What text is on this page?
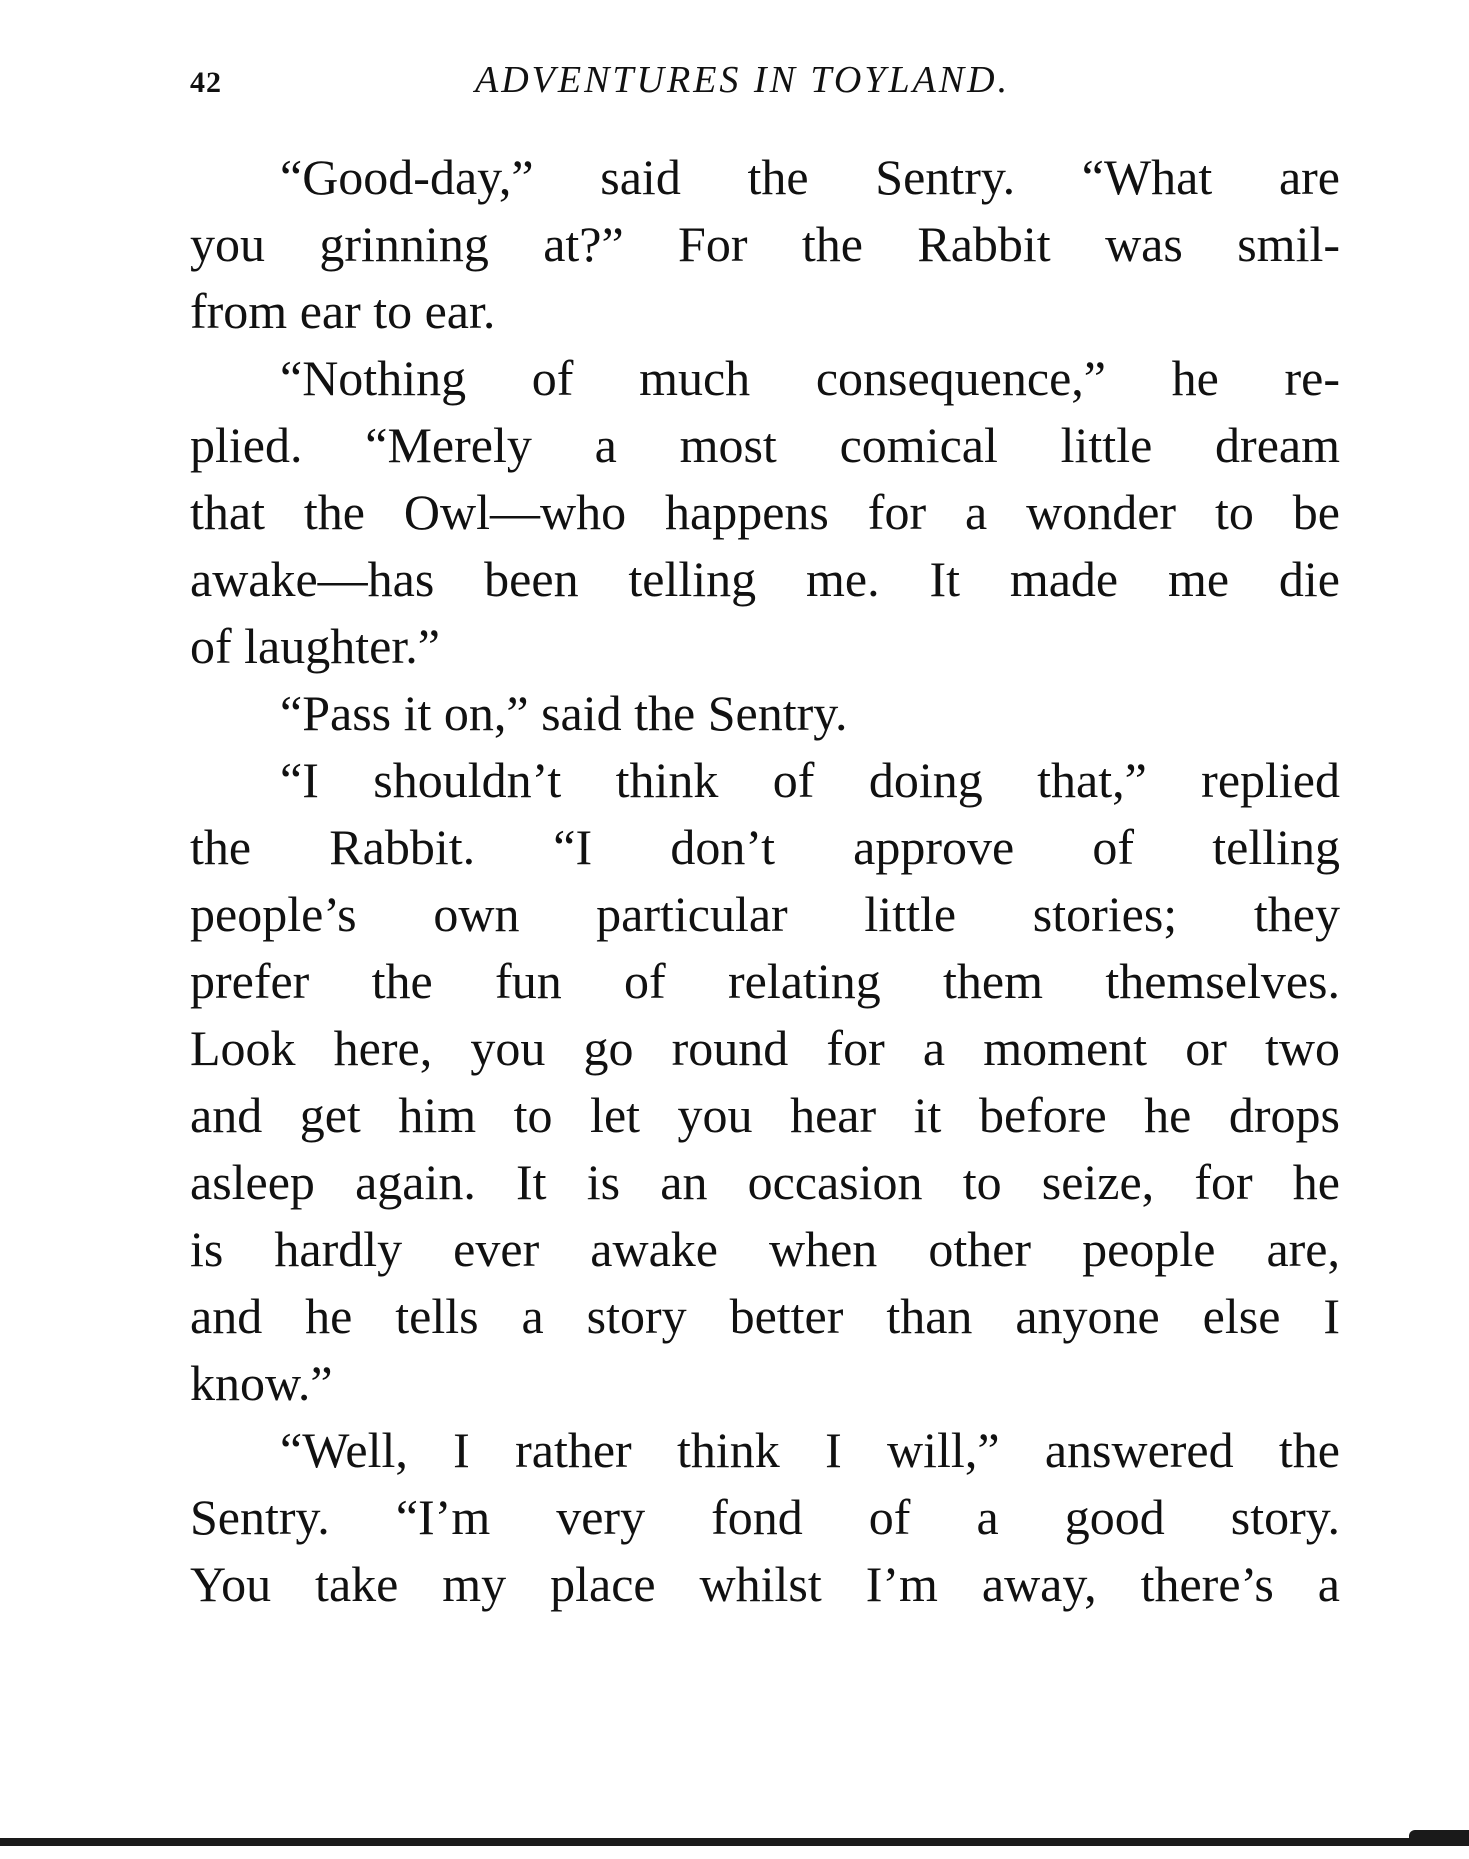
42	ADVENTURES IN TOYLAND.
“Good-day,” said the Sentry. “What are
you grinning at?” For the Rabbit was smil-
from ear to ear.
“Nothing of much consequence,” he re-
plied. “Merely a most comical little dream
that the Owl—who happens for a wonder to be
awake—has been telling me. It made me die
of laughter.”
“Pass it on,” said the Sentry.
“I shouldn’t think of doing that,” replied
the Rabbit. “I don’t approve of telling
people’s own particular little stories; they
prefer the fun of relating them themselves.
Look here, you go round for a moment or two
and get him to let you hear it before he drops
asleep again. It is an occasion to seize, for he
is hardly ever awake when other people are,
and he tells a story better than anyone else I
know.”
“Well, I rather think I will,” answered the
Sentry. “I’m very fond of a good story.
You take my place whilst I’m away, there’s a
